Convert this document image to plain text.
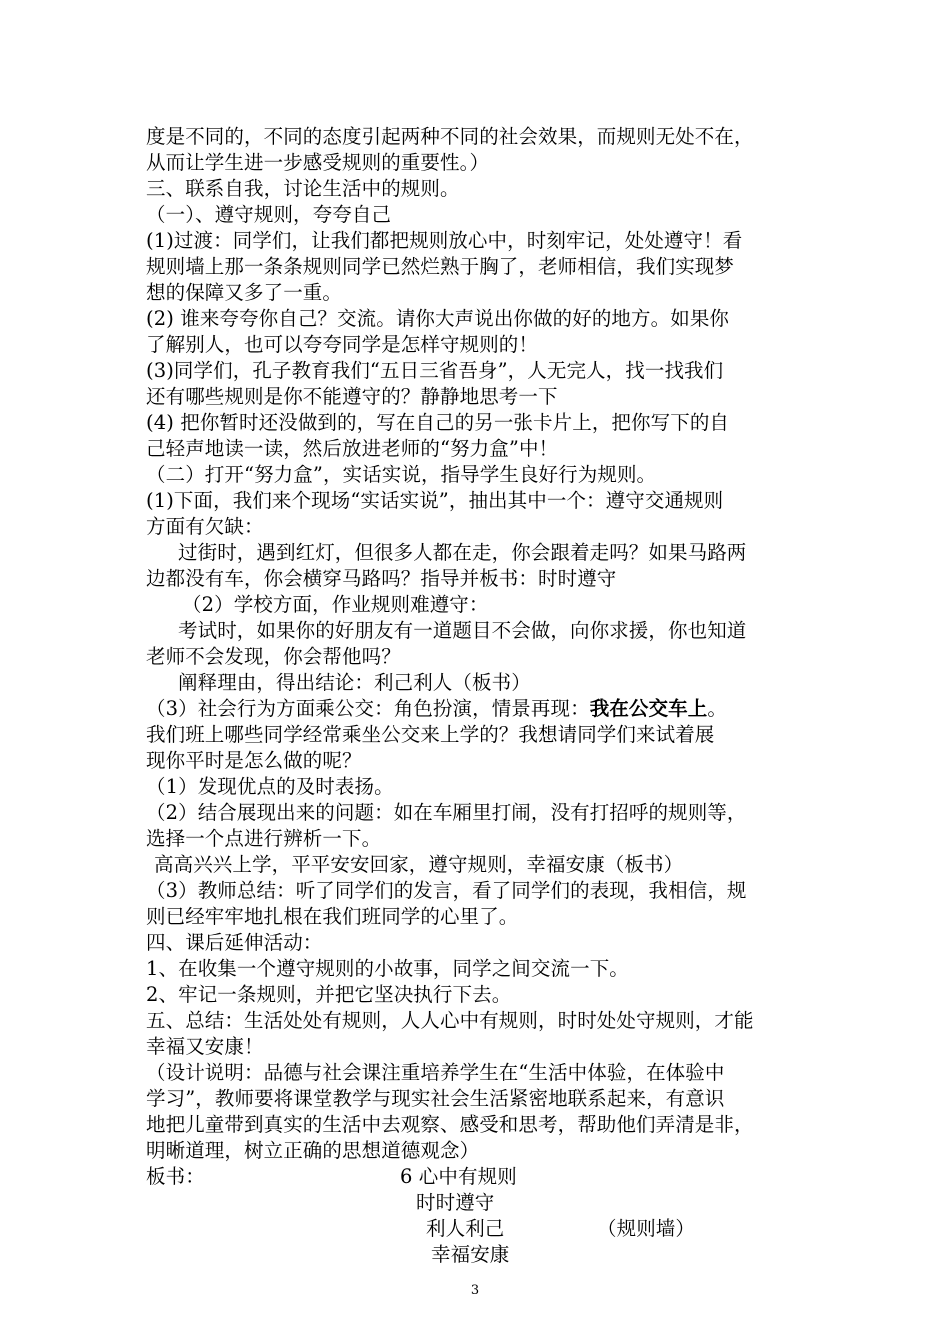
度是不同的，不同的态度引起两种不同的社会效果，而规则无处不在，
从而让学生进一步感受规则的重要性。）
三、联系自我，讨论生活中的规则。
（一）、遵守规则，夸夸自己
(1)过渡：同学们，让我们都把规则放心中，时刻牢记，处处遵守！看
规则墙上那一条条规则同学已然烂熟于胸了，老师相信，我们实现梦
想的保障又多了一重。
(2) 谁来夸夸你自己？交流。请你大声说出你做的好的地方。如果你
了解别人，也可以夸夸同学是怎样守规则的！
(3)同学们，孔子教育我们“五日三省吾身”，人无完人，找一找我们
还有哪些规则是你不能遵守的？静静地思考一下
(4) 把你暂时还没做到的，写在自己的另一张卡片上，把你写下的自
己轻声地读一读，然后放进老师的“努力盒”中！
（二）打开“努力盒”，实话实说，指导学生良好行为规则。
(1)下面，我们来个现场“实话实说”，抽出其中一个：遵守交通规则
方面有欠缺：
过街时，遇到红灯，但很多人都在走，你会跟着走吗？如果马路两
边都没有车，你会横穿马路吗？指导并板书：时时遵守
（2）学校方面，作业规则难遵守：
考试时，如果你的好朋友有一道题目不会做，向你求援，你也知道
老师不会发现，你会帮他吗？
阐释理由，得出结论：利己利人（板书）
（3）社会行为方面乘公交：角色扮演，情景再现：我在公交车上。
我们班上哪些同学经常乘坐公交来上学的？我想请同学们来试着展
现你平时是怎么做的呢？
（1）发现优点的及时表扬。
（2）结合展现出来的问题：如在车厢里打闹，没有打招呼的规则等，
选择一个点进行辨析一下。
高高兴兴上学，平平安安回家，遵守规则，幸福安康（板书）
（3）教师总结：听了同学们的发言，看了同学们的表现，我相信，规
则已经牢牢地扎根在我们班同学的心里了。
四、课后延伸活动：
1、在收集一个遵守规则的小故事，同学之间交流一下。
2、牢记一条规则，并把它坚决执行下去。
五、总结：生活处处有规则，人人心中有规则，时时处处守规则，才能
幸福又安康！
（设计说明：品德与社会课注重培养学生在“生活中体验，在体验中
学习”，教师要将课堂教学与现实社会生活紧密地联系起来，有意识
地把儿童带到真实的生活中去观察、感受和思考，帮助他们弄清是非，
明晰道理，树立正确的思想道德观念）
板书：	6 心中有规则
时时遵守
利人利己	（规则墙）
幸福安康
3
